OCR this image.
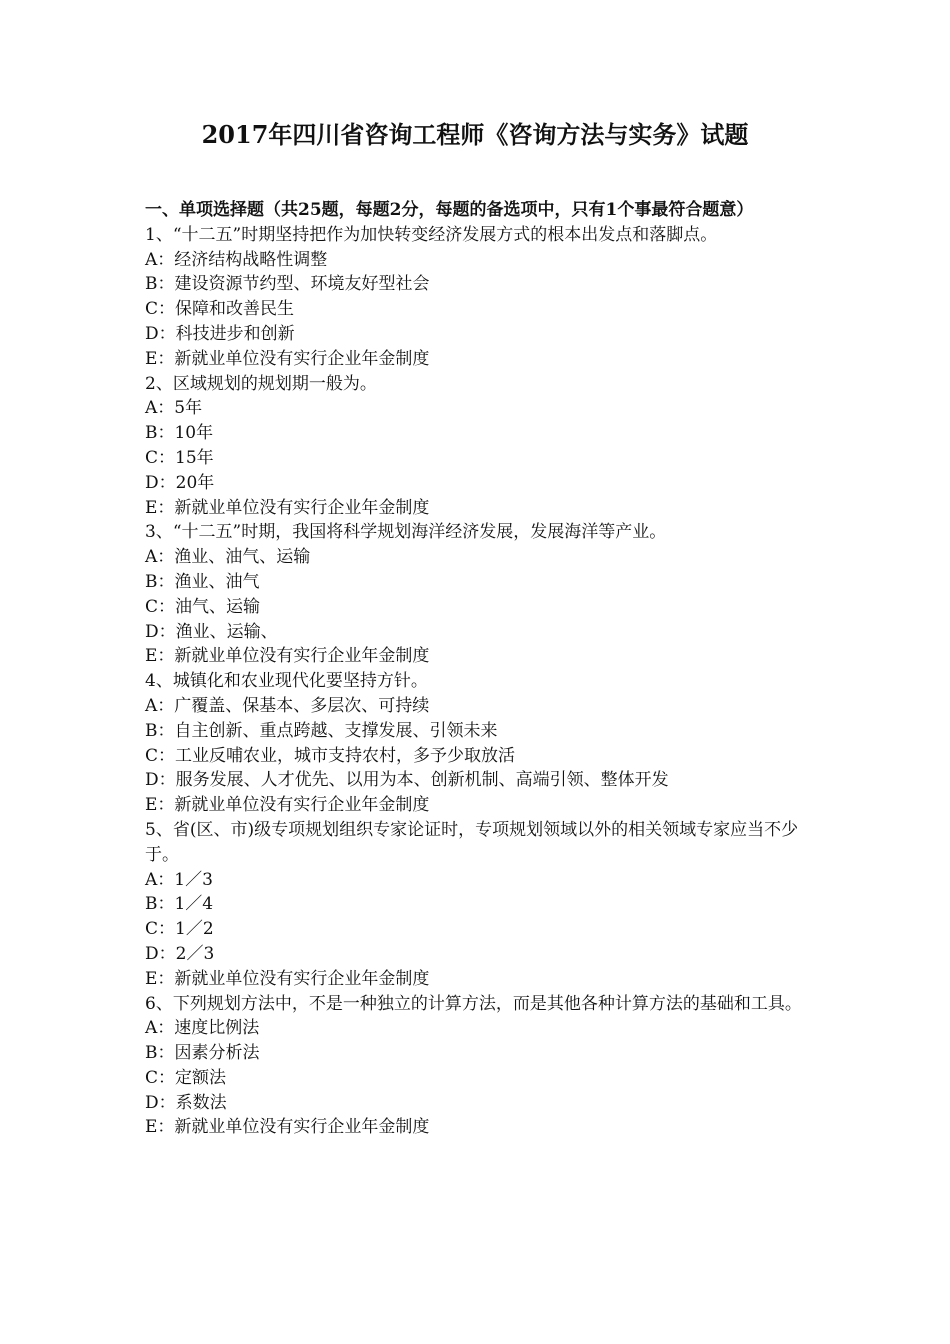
2017年四川省咨询工程师《咨询方法与实务》试题

一、单项选择题（共25题，每题2分，每题的备选项中，只有1个事最符合题意）

1、“十二五”时期坚持把作为加快转变经济发展方式的根本出发点和落脚点。

A：经济结构战略性调整

B：建设资源节约型、环境友好型社会

C：保障和改善民生

D：科技进步和创新

E：新就业单位没有实行企业年金制度

2、区域规划的规划期一般为。

A：5年

B：10年

C：15年

D：20年

E：新就业单位没有实行企业年金制度

3、“十二五”时期，我国将科学规划海洋经济发展，发展海洋等产业。

A：渔业、油气、运输

B：渔业、油气

C：油气、运输

D：渔业、运输、

E：新就业单位没有实行企业年金制度

4、城镇化和农业现代化要坚持方针。

A：广覆盖、保基本、多层次、可持续

B：自主创新、重点跨越、支撑发展、引领未来

C：工业反哺农业，城市支持农村，多予少取放活

D：服务发展、人才优先、以用为本、创新机制、高端引领、整体开发

E：新就业单位没有实行企业年金制度

5、省(区、市)级专项规划组织专家论证时，专项规划领域以外的相关领域专家应当不少于。

A：1／3

B：1／4

C：1／2

D：2／3

E：新就业单位没有实行企业年金制度

6、下列规划方法中，不是一种独立的计算方法，而是其他各种计算方法的基础和工具。

A：速度比例法

B：因素分析法

C：定额法

D：系数法

E：新就业单位没有实行企业年金制度
